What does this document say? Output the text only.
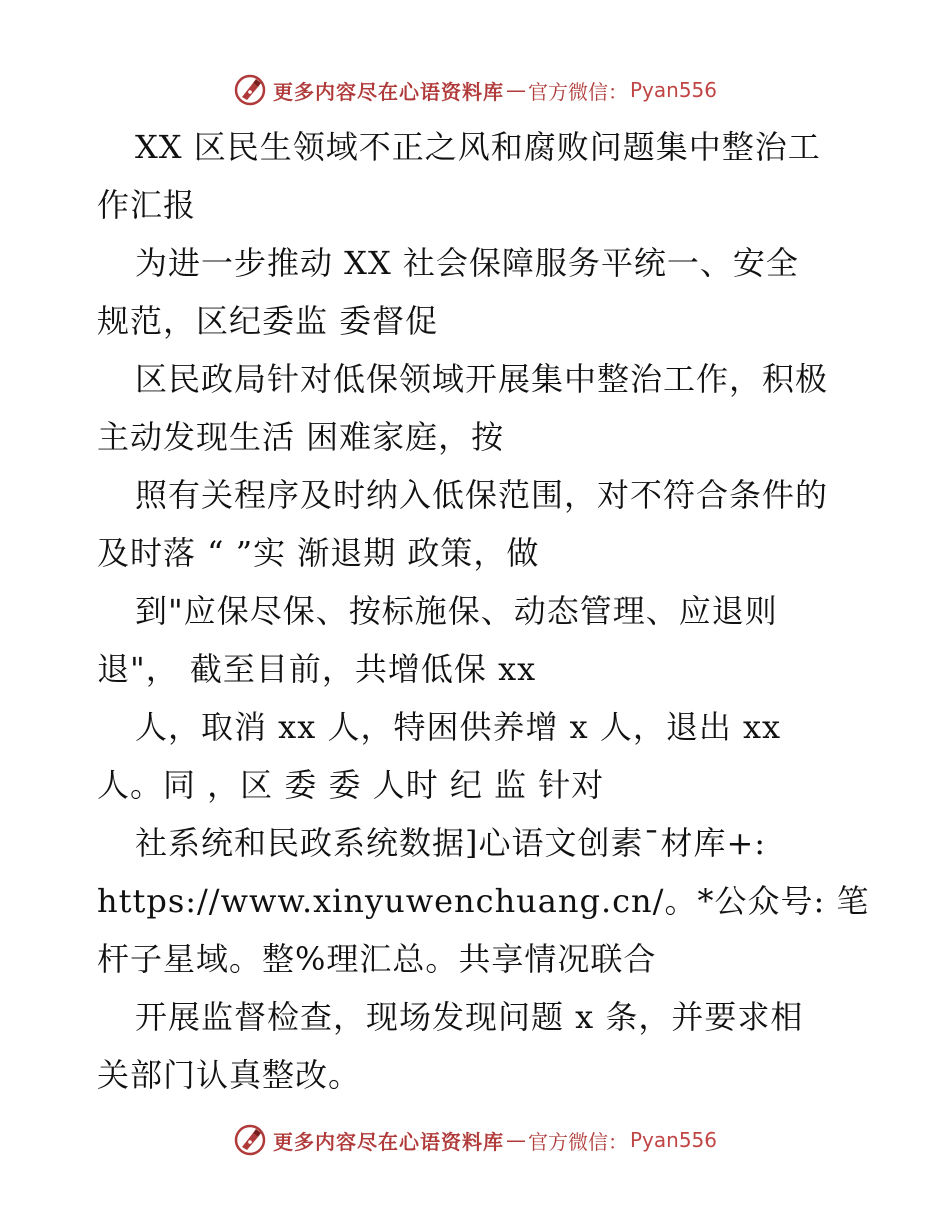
更多内容尽在心语资料库 — 官方微信： Pyan556

XX 区民生领域不正之风和腐败问题集中整治工
作汇报

为进一步推动 XX 社会保障服务平统一、安全
规范，区纪委监 委督促

区民政局针对低保领域开展集中整治工作，积极
主动发现生活 困难家庭，按

照有关程序及时纳入低保范围，对不符合条件的
及时落 “ ”实 渐退期 政策，做

到"应保尽保、按标施保、动态管理、应退则
退"， 截至目前，共增低保 xx

人，取消 xx 人，特困供养增 x 人，退出 xx
人。同 ，区 委 委 人时 纪 监 针对

社系统和民政系统数据]心语文创素¯材库+:
https://www.xinyuwenchuang.cn/。*公众号: 笔
杆子星域。整%理汇总。共享情况联合

开展监督检查，现场发现问题 x 条，并要求相
关部门认真整改。

更多内容尽在心语资料库 — 官方微信： Pyan556
